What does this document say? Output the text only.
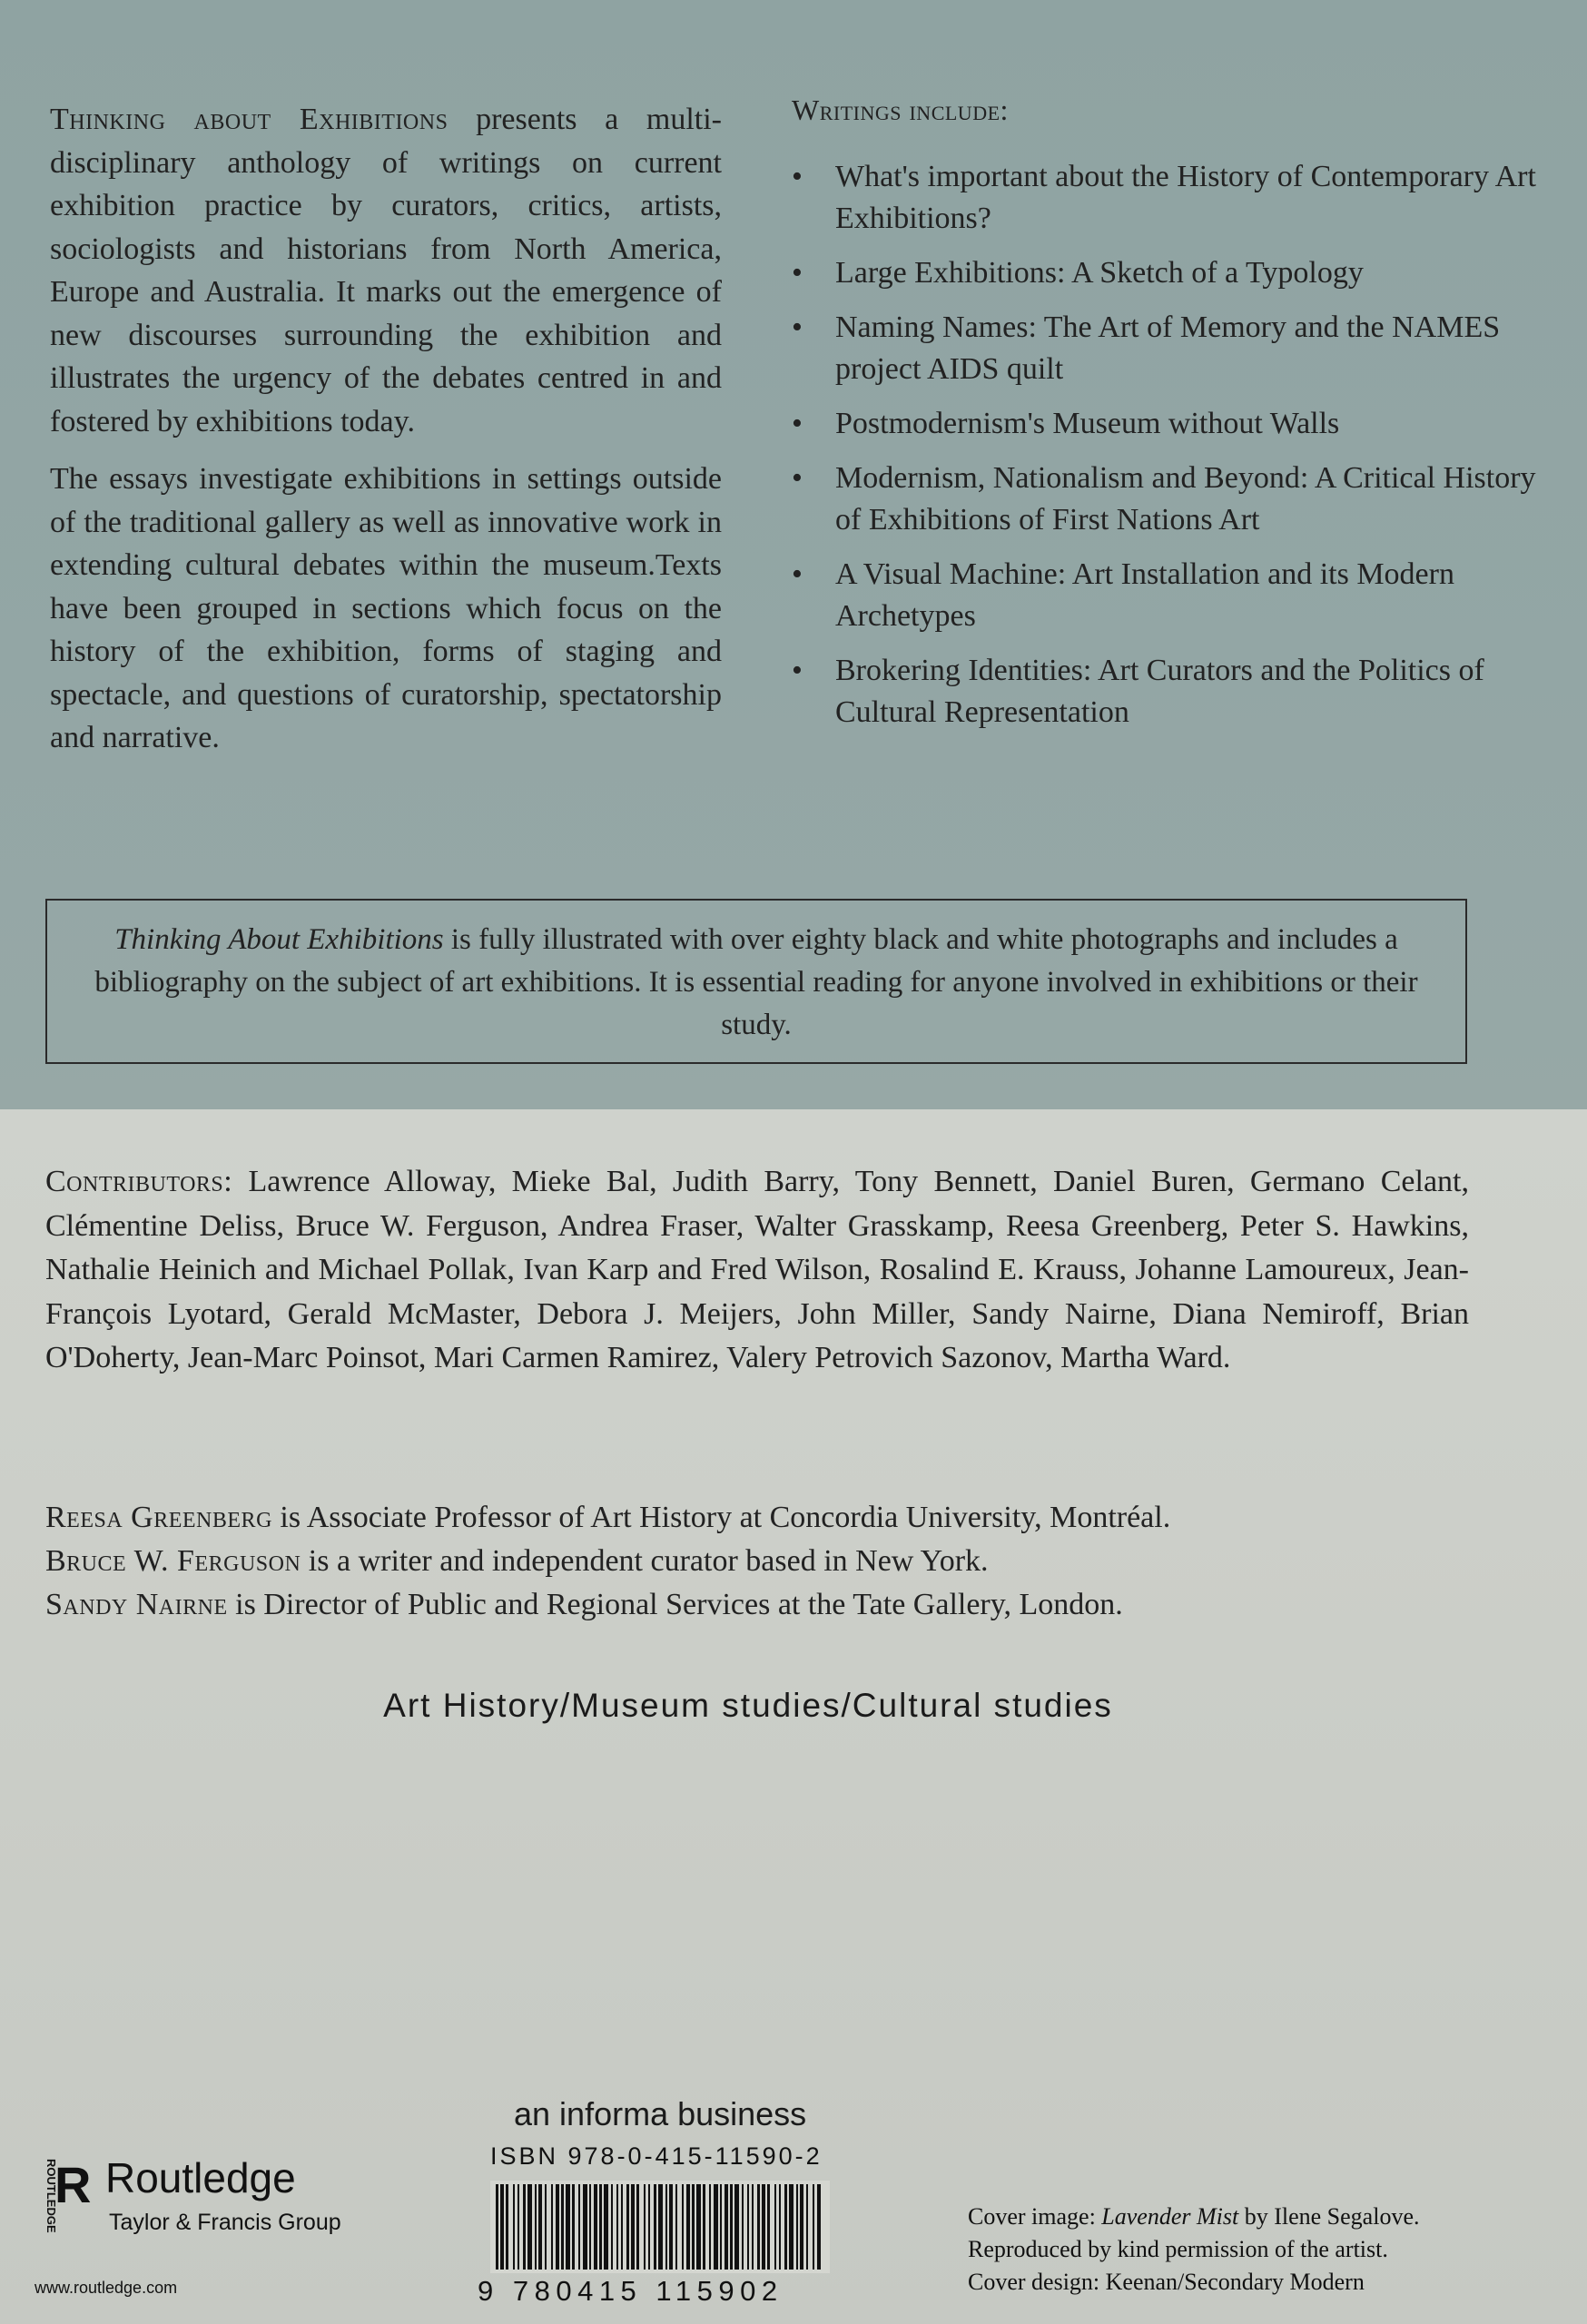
Thinking about Exhibitions presents a multi-disciplinary anthology of writings on current exhibition practice by curators, critics, artists, sociologists and historians from North America, Europe and Australia. It marks out the emergence of new discourses surrounding the exhibition and illustrates the urgency of the debates centred in and fostered by exhibitions today.

The essays investigate exhibitions in settings outside of the traditional gallery as well as innovative work in extending cultural debates within the museum.Texts have been grouped in sections which focus on the history of the exhibition, forms of staging and spectacle, and questions of curatorship, spectatorship and narrative.

Writings include:
• What's important about the History of Contemporary Art Exhibitions?
• Large Exhibitions: A Sketch of a Typology
• Naming Names: The Art of Memory and the NAMES project AIDS quilt
• Postmodernism's Museum without Walls
• Modernism, Nationalism and Beyond: A Critical History of Exhibitions of First Nations Art
• A Visual Machine: Art Installation and its Modern Archetypes
• Brokering Identities: Art Curators and the Politics of Cultural Representation
Thinking About Exhibitions is fully illustrated with over eighty black and white photographs and includes a bibliography on the subject of art exhibitions. It is essential reading for anyone involved in exhibitions or their study.
Contributors: Lawrence Alloway, Mieke Bal, Judith Barry, Tony Bennett, Daniel Buren, Germano Celant, Clémentine Deliss, Bruce W. Ferguson, Andrea Fraser, Walter Grasskamp, Reesa Greenberg, Peter S. Hawkins, Nathalie Heinich and Michael Pollak, Ivan Karp and Fred Wilson, Rosalind E. Krauss, Johanne Lamoureux, Jean-François Lyotard, Gerald McMaster, Debora J. Meijers, John Miller, Sandy Nairne, Diana Nemiroff, Brian O'Doherty, Jean-Marc Poinsot, Mari Carmen Ramirez, Valery Petrovich Sazonov, Martha Ward.
Reesa Greenberg is Associate Professor of Art History at Concordia University, Montréal.
Bruce W. Ferguson is a writer and independent curator based in New York.
Sandy Nairne is Director of Public and Regional Services at the Tate Gallery, London.
Art History/Museum studies/Cultural studies
an informa business
ISBN 978-0-415-11590-2
9 780415 115902
ROUTLEDGE
R Routledge
Taylor & Francis Group
www.routledge.com
Cover image: Lavender Mist by Ilene Segalove.
Reproduced by kind permission of the artist.
Cover design: Keenan/Secondary Modern
